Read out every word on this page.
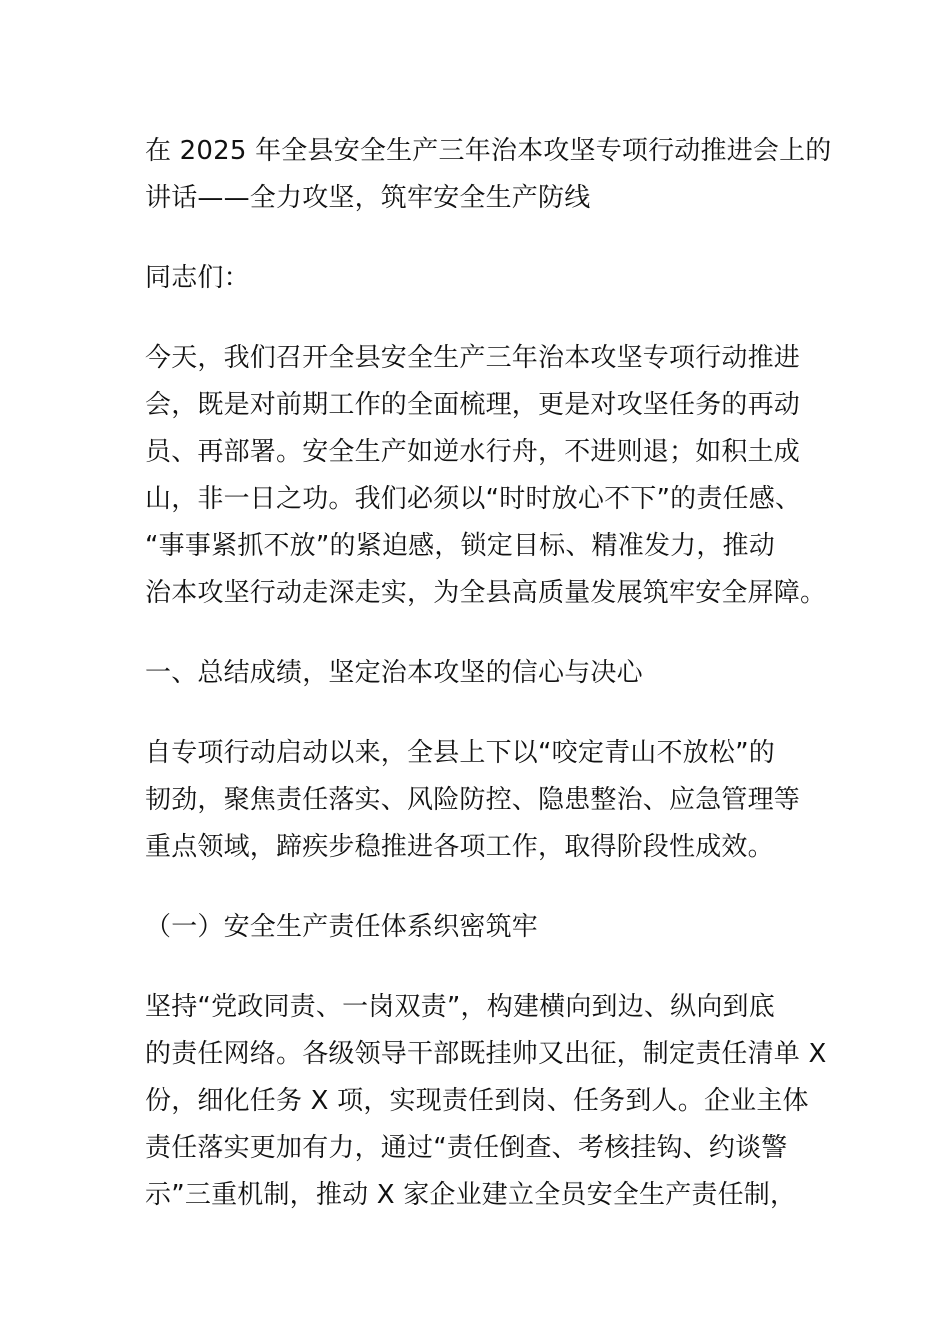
在 2025 年全县安全生产三年治本攻坚专项行动推进会上的
讲话——全力攻坚，筑牢安全生产防线
同志们：
今天，我们召开全县安全生产三年治本攻坚专项行动推进
会，既是对前期工作的全面梳理，更是对攻坚任务的再动
员、再部署。安全生产如逆水行舟，不进则退；如积土成
山，非一日之功。我们必须以“时时放心不下”的责任感、
“事事紧抓不放”的紧迫感，锁定目标、精准发力，推动
治本攻坚行动走深走实，为全县高质量发展筑牢安全屏障。
一、总结成绩，坚定治本攻坚的信心与决心
自专项行动启动以来，全县上下以“咬定青山不放松”的
韧劲，聚焦责任落实、风险防控、隐患整治、应急管理等
重点领域，蹄疾步稳推进各项工作，取得阶段性成效。
（一）安全生产责任体系织密筑牢
坚持“党政同责、一岗双责”，构建横向到边、纵向到底
的责任网络。各级领导干部既挂帅又出征，制定责任清单 X
份，细化任务 X 项，实现责任到岗、任务到人。企业主体
责任落实更加有力，通过“责任倒查、考核挂钩、约谈警
示”三重机制，推动 X 家企业建立全员安全生产责任制，
